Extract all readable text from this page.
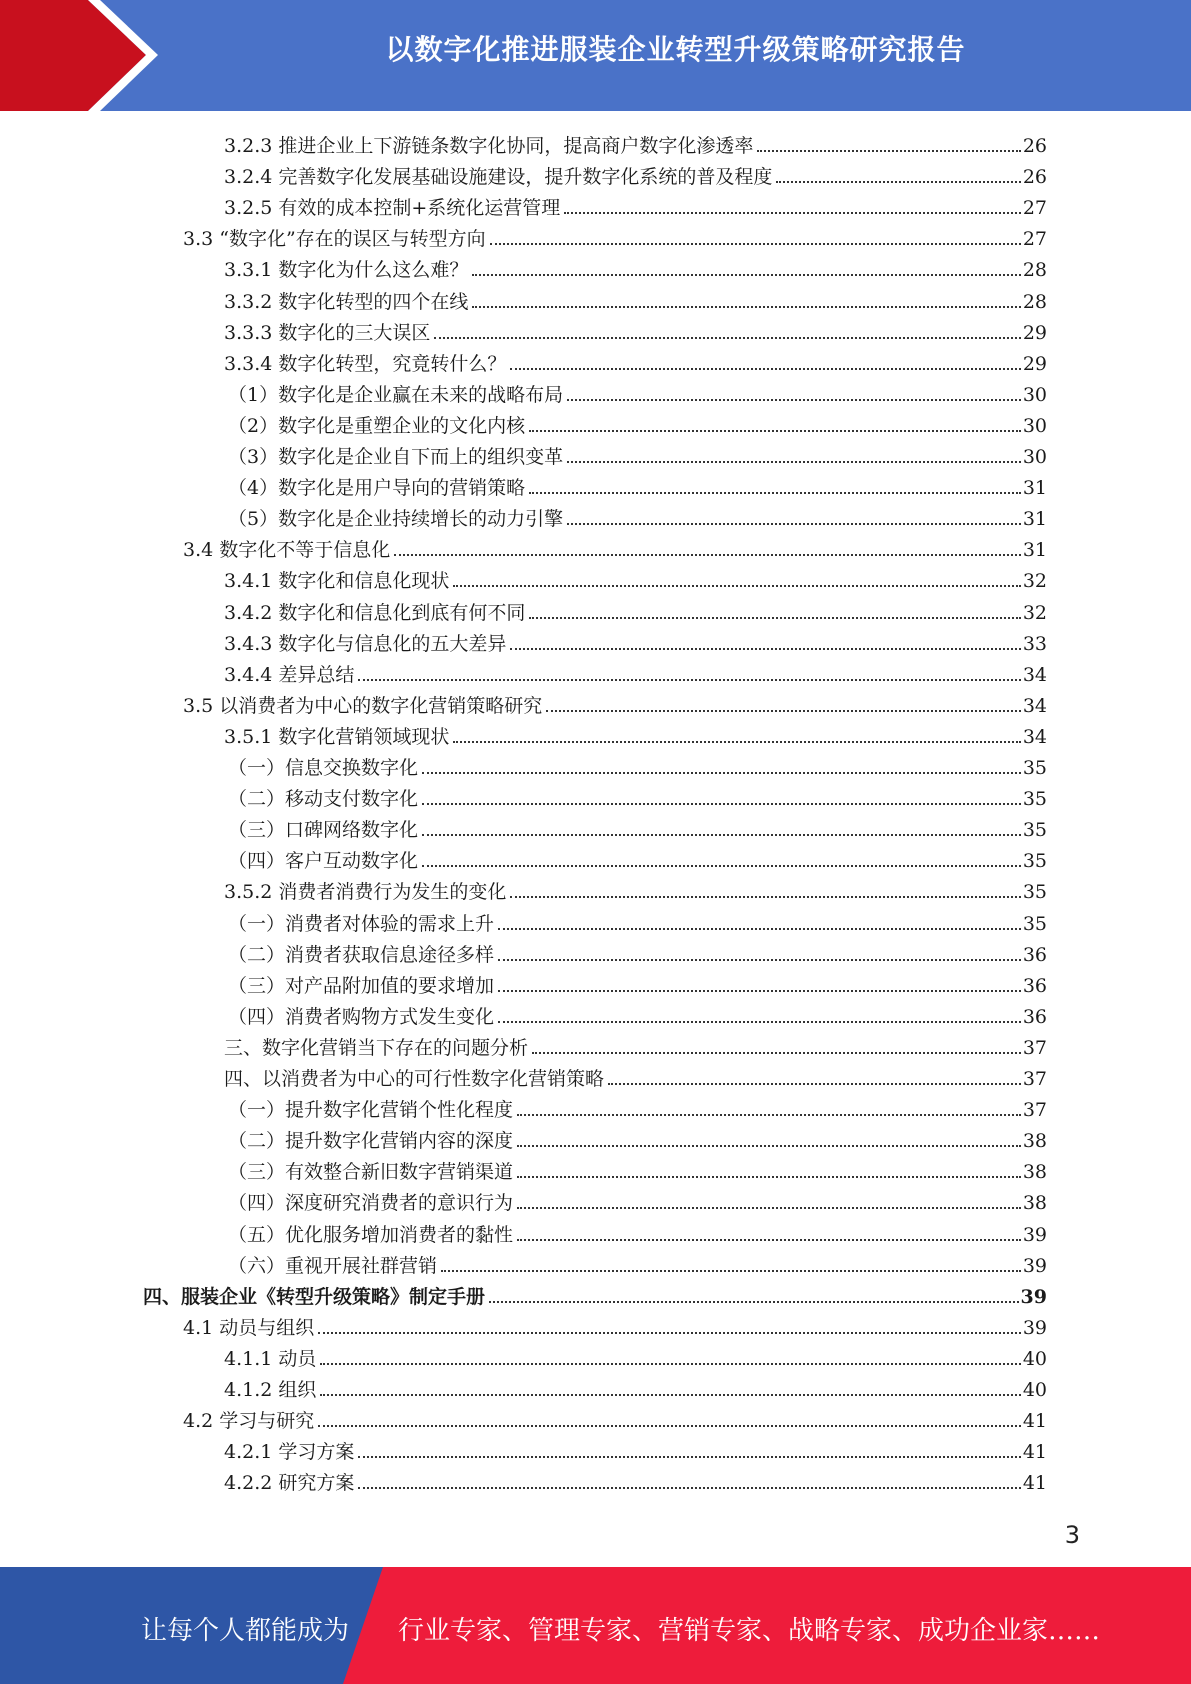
以数字化推进服装企业转型升级策略研究报告
3.2.3 推进企业上下游链条数字化协同，提高商户数字化渗透率	26
3.2.4 完善数字化发展基础设施建设，提升数字化系统的普及程度	26
3.2.5 有效的成本控制+系统化运营管理	27
3.3 “数字化”存在的误区与转型方向	27
3.3.1 数字化为什么这么难？	28
3.3.2 数字化转型的四个在线	28
3.3.3 数字化的三大误区	29
3.3.4 数字化转型，究竟转什么？	29
（1）数字化是企业赢在未来的战略布局	30
（2）数字化是重塑企业的文化内核	30
（3）数字化是企业自下而上的组织变革	30
（4）数字化是用户导向的营销策略	31
（5）数字化是企业持续增长的动力引擎	31
3.4 数字化不等于信息化	31
3.4.1 数字化和信息化现状	32
3.4.2 数字化和信息化到底有何不同	32
3.4.3 数字化与信息化的五大差异	33
3.4.4 差异总结	34
3.5 以消费者为中心的数字化营销策略研究	34
3.5.1 数字化营销领域现状	34
（一）信息交换数字化	35
（二）移动支付数字化	35
（三）口碑网络数字化	35
（四）客户互动数字化	35
3.5.2 消费者消费行为发生的变化	35
（一）消费者对体验的需求上升	35
（二）消费者获取信息途径多样	36
（三）对产品附加值的要求增加	36
（四）消费者购物方式发生变化	36
三、数字化营销当下存在的问题分析	37
四、以消费者为中心的可行性数字化营销策略	37
（一）提升数字化营销个性化程度	37
（二）提升数字化营销内容的深度	38
（三）有效整合新旧数字营销渠道	38
（四）深度研究消费者的意识行为	38
（五）优化服务增加消费者的黏性	39
（六）重视开展社群营销	39
四、服装企业《转型升级策略》制定手册	39
4.1 动员与组织	39
4.1.1 动员	40
4.1.2 组织	40
4.2 学习与研究	41
4.2.1 学习方案	41
4.2.2 研究方案	41
3
让每个人都能成为 行业专家、管理专家、营销专家、战略专家、成功企业家……
